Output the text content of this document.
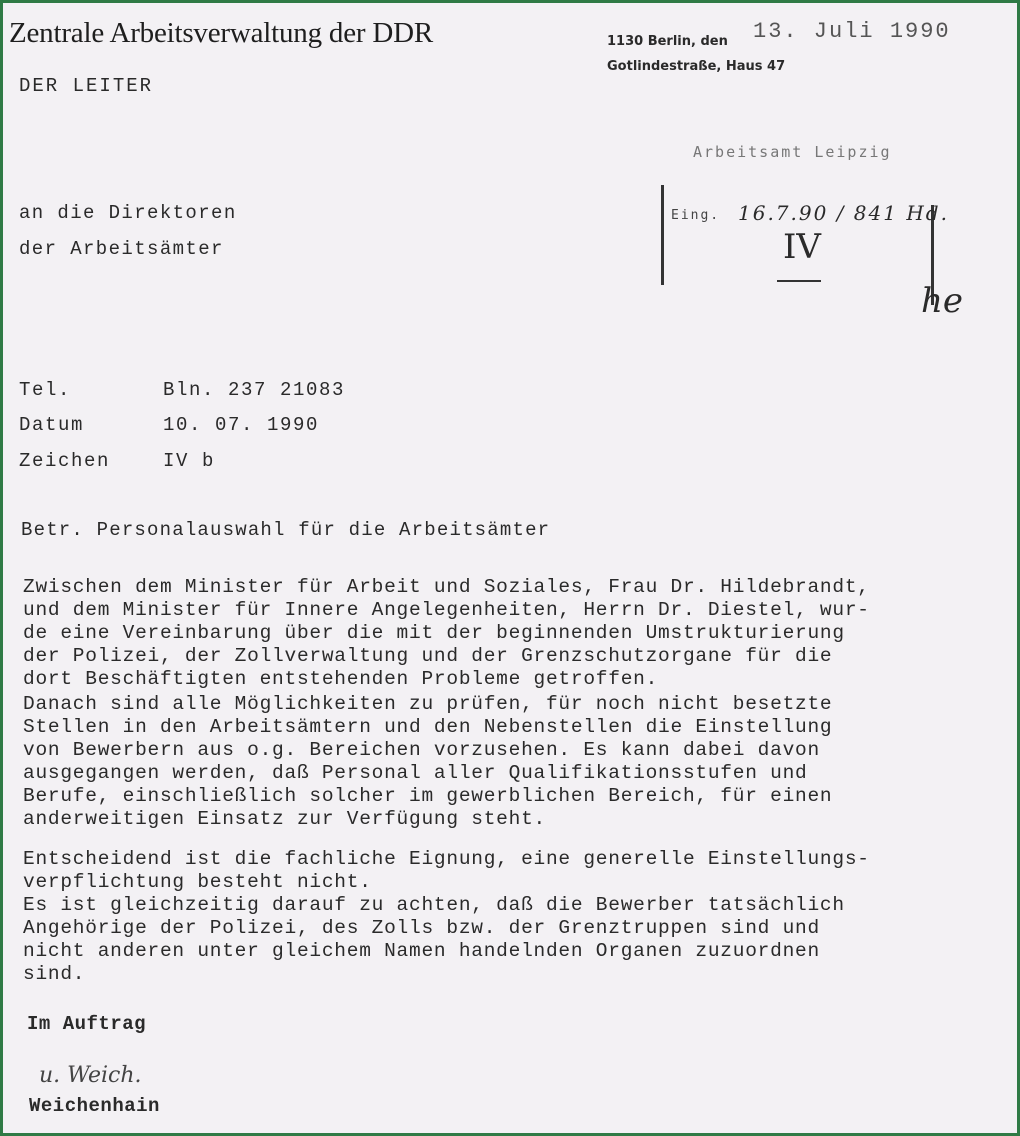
Zentrale Arbeitsverwaltung der DDR
DER LEITER
1130 Berlin, den 13. Juli 1990
Gotlindestraße, Haus 47
Arbeitsamt Leipzig
Eing. 16.7.90 / 841 Hd.
IV
he
an die Direktoren
der Arbeitsämter
Tel.	Bln. 237 21083
Datum	10. 07. 1990
Zeichen	IV b
Betr. Personalauswahl für die Arbeitsämter
Zwischen dem Minister für Arbeit und Soziales, Frau Dr. Hildebrandt,
und dem Minister für Innere Angelegenheiten, Herrn Dr. Diestel, wur-
de eine Vereinbarung über die mit der beginnenden Umstrukturierung
der Polizei, der Zollverwaltung und der Grenzschutzorgane für die
dort Beschäftigten entstehenden Probleme getroffen.
Danach sind alle Möglichkeiten zu prüfen, für noch nicht besetzte
Stellen in den Arbeitsämtern und den Nebenstellen die Einstellung
von Bewerbern aus o.g. Bereichen vorzusehen. Es kann dabei davon
ausgegangen werden, daß Personal aller Qualifikationsstufen und
Berufe, einschließlich solcher im gewerblichen Bereich, für einen
anderweitigen Einsatz zur Verfügung steht.
Entscheidend ist die fachliche Eignung, eine generelle Einstellungs-
verpflichtung besteht nicht.
Es ist gleichzeitig darauf zu achten, daß die Bewerber tatsächlich
Angehörige der Polizei, des Zolls bzw. der Grenztruppen sind und
nicht anderen unter gleichem Namen handelnden Organen zuzuordnen
sind.
Im Auftrag
u. Weich.
Weichenhain
